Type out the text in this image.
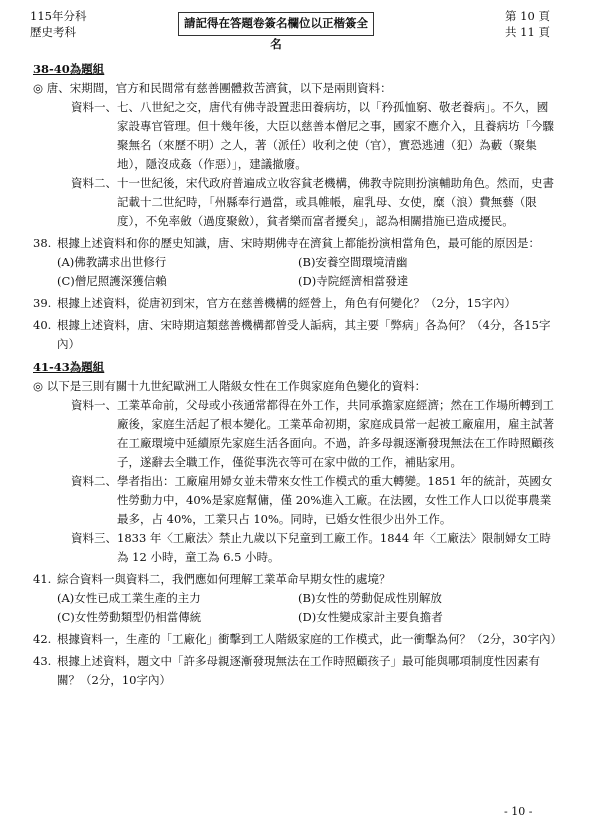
115年分科
歷史考科
請記得在答題卷簽名欄位以正楷簽全名
第 10 頁
共 11 頁
38-40為題組
◎ 唐、宋期間，官方和民間常有慈善團體救苦濟貧，以下是兩則資料：
資料一、 七、八世紀之交，唐代有佛寺設置悲田養病坊，以「矜孤恤窮、敬老養病」。不久，國家設專官管理。但十幾年後，大臣以慈善本僧尼之事，國家不應介入，且養病坊「今驟聚無名（來歷不明）之人，著（派任）收利之使（官），實恐逃逋（犯）為藪（聚集地），隱沒成姦（作惡）」，建議撤廢。
資料二、 十一世紀後，宋代政府普遍成立收容貧老機構，佛教寺院則扮演輔助角色。然而，史書記載十二世紀時，「州縣奉行過當，或具帷帳，雇乳母、女使，糜（浪）費無藝（限度），不免率斂（過度聚斂），貧者樂而富者擾矣」，認為相關措施已造成擾民。
38. 根據上述資料和你的歷史知識，唐、宋時期佛寺在濟貧上都能扮演相當角色，最可能的原因是：
(A)佛教講求出世修行	(B)安養空間環境清幽
(C)僧尼照護深獲信賴	(D)寺院經濟相當發達
39. 根據上述資料，從唐初到宋，官方在慈善機構的經營上，角色有何變化？（2分，15字內）
40. 根據上述資料，唐、宋時期這類慈善機構都曾受人詬病，其主要「弊病」各為何？（4分，各15字內）
41-43為題組
◎ 以下是三則有關十九世紀歐洲工人階級女性在工作與家庭角色變化的資料：
資料一、 工業革命前，父母或小孩通常都得在外工作，共同承擔家庭經濟；然在工作場所轉到工廠後，家庭生活起了根本變化。工業革命初期，家庭成員常一起被工廠雇用，雇主試著在工廠環境中延續原先家庭生活各面向。不過，許多母親逐漸發現無法在工作時照顧孩子，遂辭去全職工作，僅從事洗衣等可在家中做的工作，補貼家用。
資料二、 學者指出：工廠雇用婦女並未帶來女性工作模式的重大轉變。1851 年的統計，英國女性勞動力中，40%是家庭幫傭，僅 20%進入工廠。在法國，女性工作人口以從事農業最多，占 40%，工業只占 10%。同時，已婚女性很少出外工作。
資料三、 1833 年〈工廠法〉禁止九歲以下兒童到工廠工作。1844 年〈工廠法〉限制婦女工時為 12 小時，童工為 6.5 小時。
41. 綜合資料一與資料二，我們應如何理解工業革命早期女性的處境？
(A)女性已成工業生產的主力	(B)女性的勞動促成性別解放
(C)女性勞動類型仍相當傳統	(D)女性變成家計主要負擔者
42. 根據資料一，生產的「工廠化」衝擊到工人階級家庭的工作模式，此一衝擊為何？（2分，30字內）
43. 根據上述資料，題文中「許多母親逐漸發現無法在工作時照顧孩子」最可能與哪項制度性因素有關？（2分，10字內）
- 10 -
